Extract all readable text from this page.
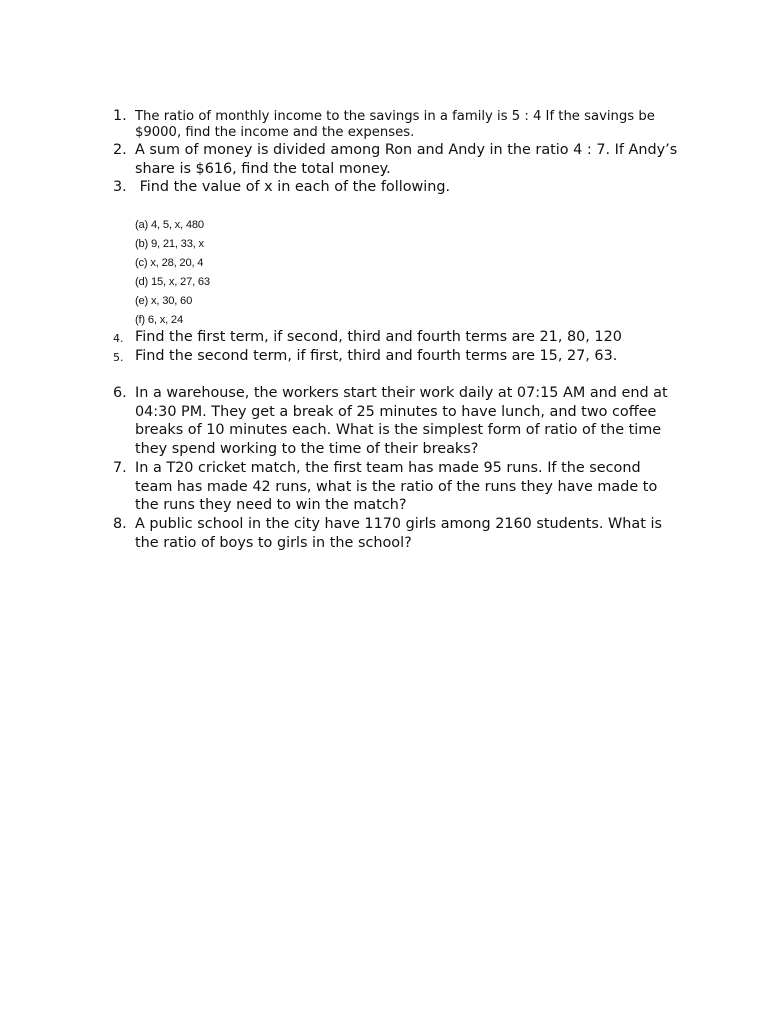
1. The ratio of monthly income to the savings in a family is 5 : 4 If the savings be $9000, find the income and the expenses.
2. A sum of money is divided among Ron and Andy in the ratio 4 : 7. If Andy’s share is $616, find the total money.
3. Find the value of x in each of the following.
(a) 4, 5, x, 480
(b) 9, 21, 33, x
(c) x, 28, 20, 4
(d) 15, x, 27, 63
(e) x, 30, 60
(f) 6, x, 24
4. Find the first term, if second, third and fourth terms are 21, 80, 120
5. Find the second term, if first, third and fourth terms are 15, 27, 63.
6. In a warehouse, the workers start their work daily at 07:15 AM and end at 04:30 PM. They get a break of 25 minutes to have lunch, and two coffee breaks of 10 minutes each. What is the simplest form of ratio of the time they spend working to the time of their breaks?
7. In a T20 cricket match, the first team has made 95 runs. If the second team has made 42 runs, what is the ratio of the runs they have made to the runs they need to win the match?
8. A public school in the city have 1170 girls among 2160 students. What is the ratio of boys to girls in the school?
